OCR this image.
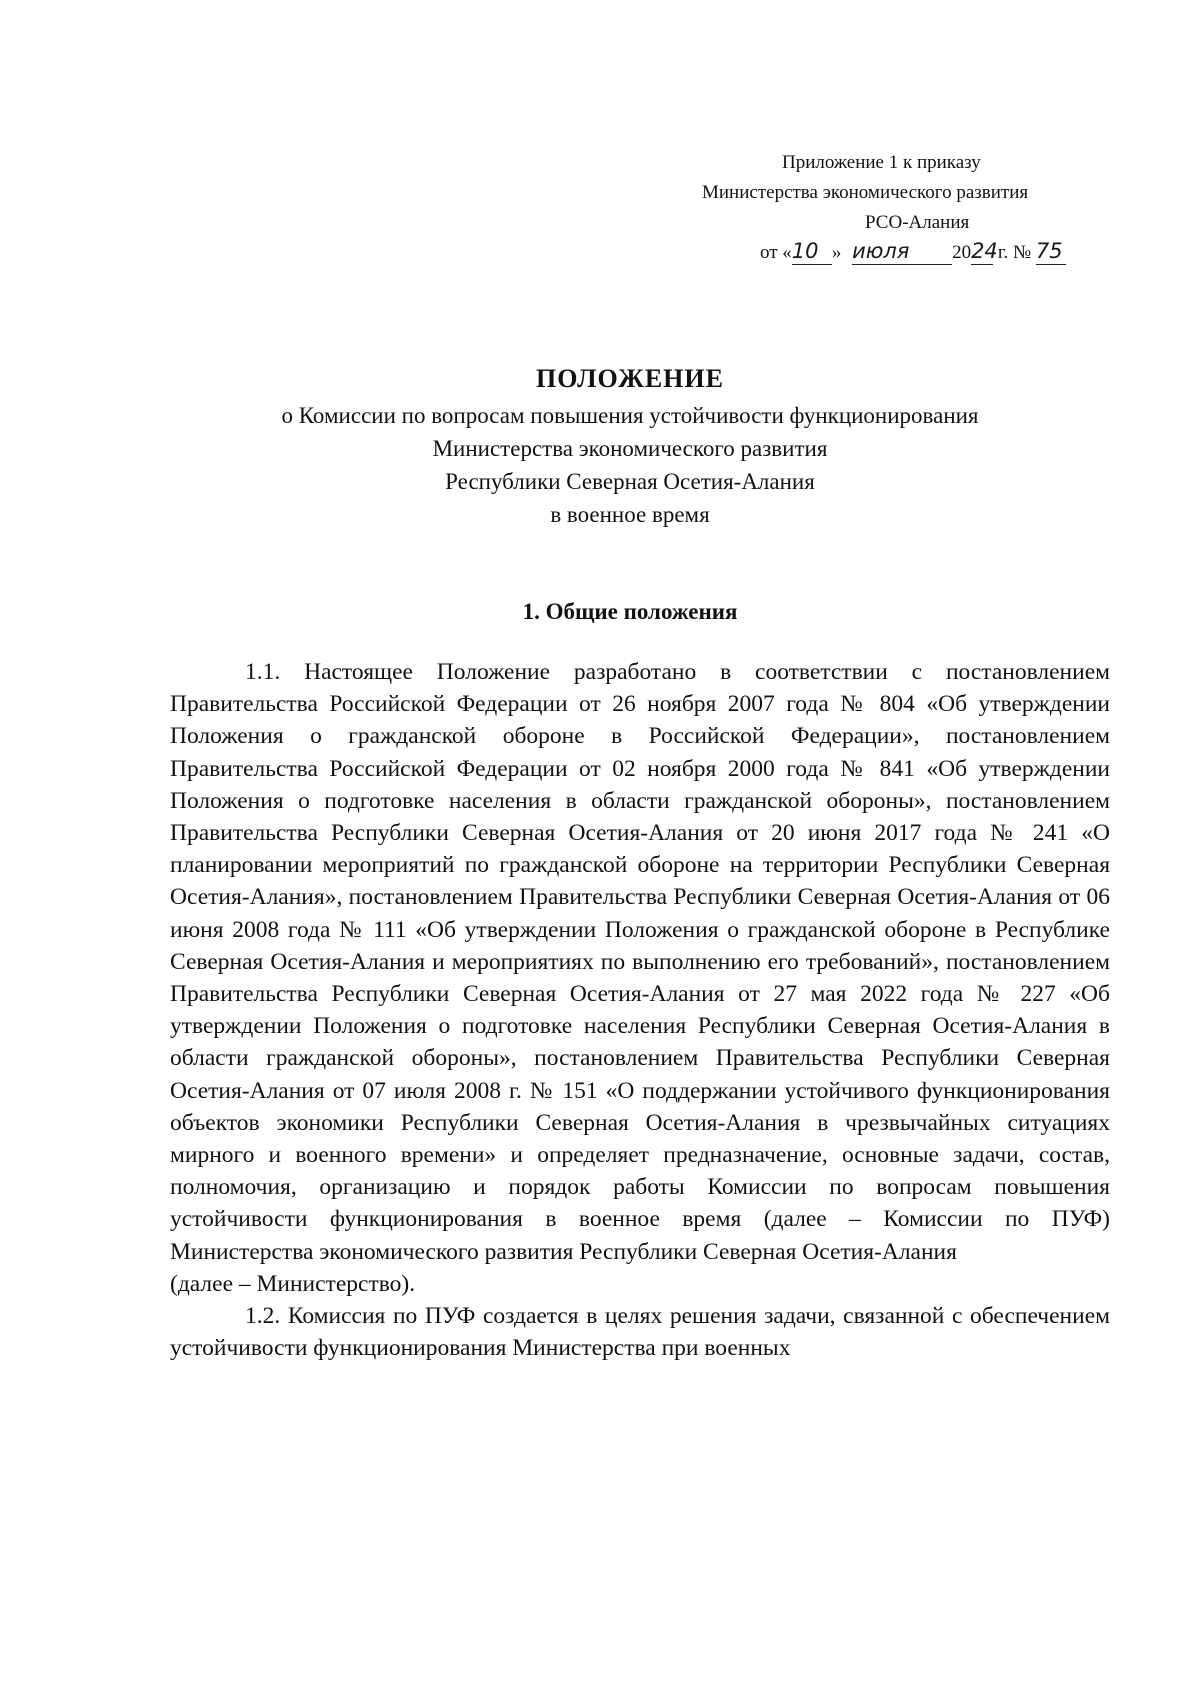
Приложение 1 к приказу
Министерства экономического развития
РСО-Алания
от «10 » июля 2024 г. № 75
ПОЛОЖЕНИЕ
о Комиссии по вопросам повышения устойчивости функционирования
Министерства экономического развития
Республики Северная Осетия-Алания
в военное время
1. Общие положения

1.1. Настоящее Положение разработано в соответствии с постановлением Правительства Российской Федерации от 26 ноября 2007 года № 804 «Об утверждении Положения о гражданской обороне в Российской Федерации», постановлением Правительства Российской Федерации от 02 ноября 2000 года № 841 «Об утверждении Положения о подготовке населения в области гражданской обороны», постановлением Правительства Республики Северная Осетия-Алания от 20 июня 2017 года № 241 «О планировании мероприятий по гражданской обороне на территории Республики Северная Осетия-Алания», постановлением Правительства Республики Северная Осетия-Алания от 06 июня 2008 года № 111 «Об утверждении Положения о гражданской обороне в Республике Северная Осетия-Алания и мероприятиях по выполнению его требований», постановлением Правительства Республики Северная Осетия-Алания от 27 мая 2022 года № 227 «Об утверждении Положения о подготовке населения Республики Северная Осетия-Алания в области гражданской обороны», постановлением Правительства Республики Северная Осетия-Алания от 07 июля 2008 г. № 151 «О поддержании устойчивого функционирования объектов экономики Республики Северная Осетия-Алания в чрезвычайных ситуациях мирного и военного времени» и определяет предназначение, основные задачи, состав, полномочия, организацию и порядок работы Комиссии по вопросам повышения устойчивости функционирования в военное время (далее – Комиссии по ПУФ) Министерства экономического развития Республики Северная Осетия-Алания

(далее – Министерство).

1.2. Комиссия по ПУФ создается в целях решения задачи, связанной с обеспечением устойчивости функционирования Министерства при военных
